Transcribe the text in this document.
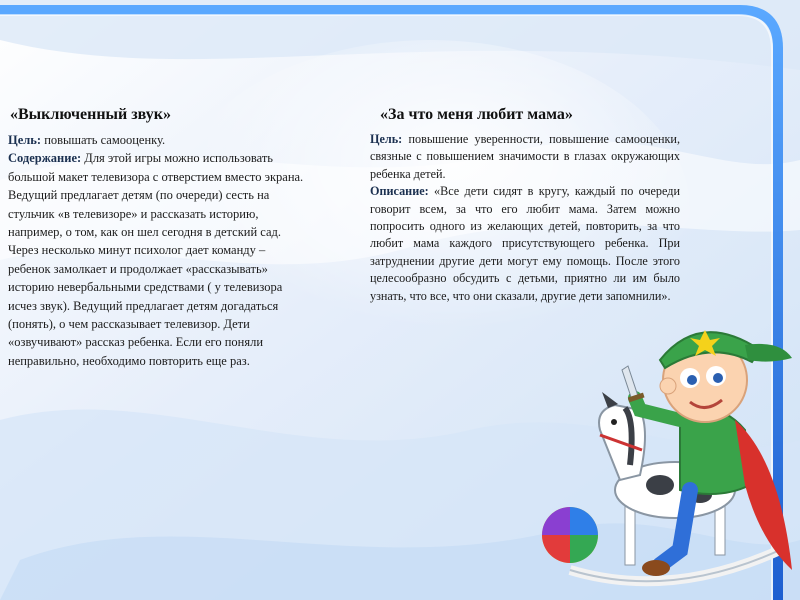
«Выключенный звук»

Цель: повышать самооценку.

Содержание: Для этой игры можно использовать большой макет телевизора с отверстием вместо экрана. Ведущий предлагает детям (по очереди) сесть на стульчик «в телевизоре» и рассказать историю, например, о том, как он шел сегодня в детский сад. Через несколько минут психолог дает команду – ребенок замолкает и продолжает «рассказывать» историю невербальными средствами ( у телевизора исчез звук). Ведущий предлагает детям догадаться (понять), о чем рассказывает телевизор. Дети «озвучивают» рассказ ребенка. Если его поняли неправильно, необходимо повторить еще раз.

«За что меня любит мама»

Цель: повышение уверенности, повышение самооценки, связные с повышением значимости в глазах окружающих ребенка детей.

Описание: «Все дети сидят в кругу, каждый по очереди говорит всем, за что его любит мама. Затем можно попросить одного из желающих детей, повторить, за что любит мама каждого присутствующего ребенка. При затруднении другие дети могут ему помощь. После этого целесообразно обсудить с детьми, приятно ли им было узнать, что все, что они сказали, другие дети запомнили».
